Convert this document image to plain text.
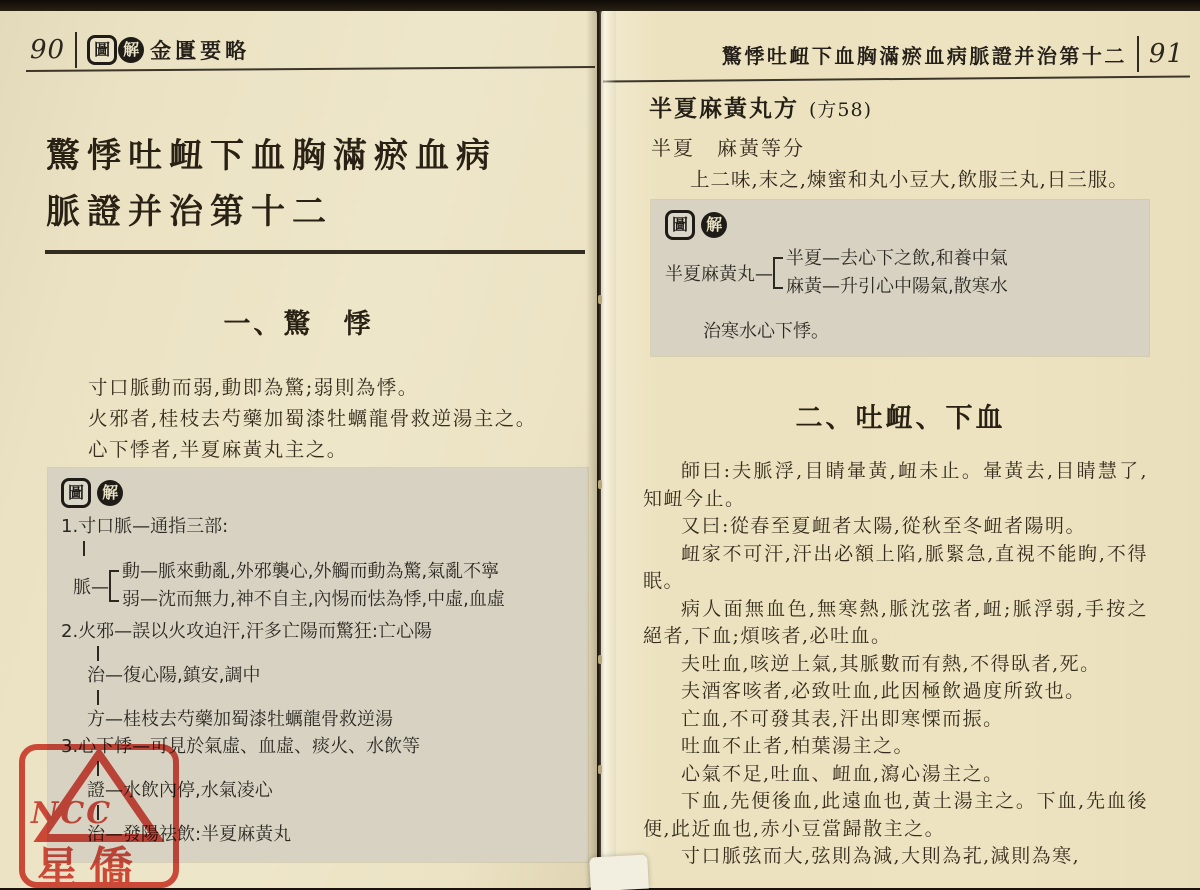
90	圖 解 金匱要略
驚悸吐衄下血胸滿瘀血病
脈證并治第十二
一、驚　悸
寸口脈動而弱,動即為驚;弱則為悸。
火邪者,桂枝去芍藥加蜀漆牡蠣龍骨救逆湯主之。
心下悸者,半夏麻黃丸主之。
圖 解
1.寸口脈—通指三部:
脈—
動—脈來動亂,外邪襲心,外觸而動為驚,氣亂不寧
弱—沈而無力,神不自主,內惕而怯為悸,中虛,血虛
2.火邪—誤以火攻迫汗,汗多亡陽而驚狂:亡心陽
治—復心陽,鎮安,調中
方—桂枝去芍藥加蜀漆牡蠣龍骨救逆湯
3.心下悸—可見於氣虛、血虛、痰火、水飲等
證—水飲內停,水氣凌心
治—發陽祛飲:半夏麻黃丸
驚悸吐衄下血胸滿瘀血病脈證并治第十二 91
半夏麻黃丸方 (方58)
半夏　麻黃等分
上二味,末之,煉蜜和丸小豆大,飲服三丸,日三服。
圖 解
半夏麻黃丸—
半夏—去心下之飲,和養中氣
麻黃—升引心中陽氣,散寒水
治寒水心下悸。
二、吐衄、下血

師曰:夫脈浮,目睛暈黃,衄未止。暈黃去,目睛慧了,知衄今止。

又曰:從春至夏衄者太陽,從秋至冬衄者陽明。

衄家不可汗,汗出必額上陷,脈緊急,直視不能眴,不得眠。

病人面無血色,無寒熱,脈沈弦者,衄;脈浮弱,手按之絕者,下血;煩咳者,必吐血。

夫吐血,咳逆上氣,其脈數而有熱,不得臥者,死。

夫酒客咳者,必致吐血,此因極飲過度所致也。

亡血,不可發其表,汗出即寒慄而振。

吐血不止者,柏葉湯主之。

心氣不足,吐血、衄血,瀉心湯主之。

下血,先便後血,此遠血也,黃土湯主之。下血,先血後便,此近血也,赤小豆當歸散主之。

寸口脈弦而大,弦則為減,大則為芤,減則為寒,

NCC
星僑
